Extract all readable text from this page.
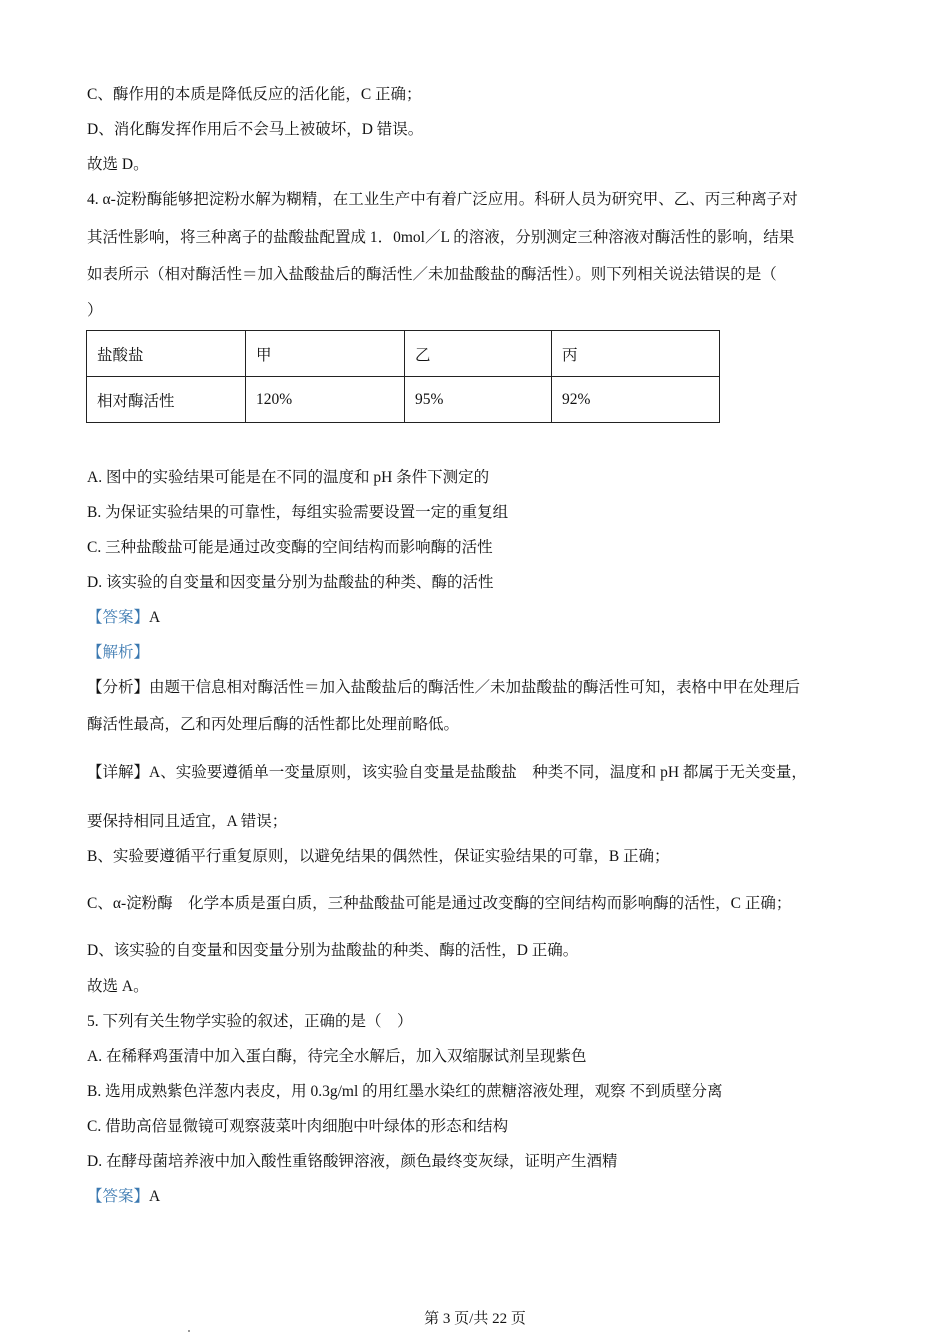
C、酶作用的本质是降低反应的活化能，C 正确；
D、消化酶发挥作用后不会马上被破坏，D 错误。
故选 D。
4. α-淀粉酶能够把淀粉水解为糊精，在工业生产中有着广泛应用。科研人员为研究甲、乙、丙三种离子对
其活性影响，将三种离子的盐酸盐配置成 1．0mol／L 的溶液，分别测定三种溶液对酶活性的影响，结果
如表所示（相对酶活性＝加入盐酸盐后的酶活性／未加盐酸盐的酶活性）。则下列相关说法错误的是（
）
盐酸盐	甲	乙	丙
相对酶活性	120%	95%	92%
A. 图中的实验结果可能是在不同的温度和 pH 条件下测定的
B. 为保证实验结果的可靠性，每组实验需要设置一定的重复组
C. 三种盐酸盐可能是通过改变酶的空间结构而影响酶的活性
D. 该实验的自变量和因变量分别为盐酸盐的种类、酶的活性
【答案】A
【解析】
【分析】由题干信息相对酶活性＝加入盐酸盐后的酶活性／未加盐酸盐的酶活性可知，表格中甲在处理后
酶活性最高，乙和丙处理后酶的活性都比处理前略低。
【详解】A、实验要遵循单一变量原则，该实验自变量是盐酸盐　种类不同，温度和 pH 都属于无关变量，
要保持相同且适宜，A 错误；
B、实验要遵循平行重复原则，以避免结果的偶然性，保证实验结果的可靠，B 正确；
C、α-淀粉酶　化学本质是蛋白质，三种盐酸盐可能是通过改变酶的空间结构而影响酶的活性，C 正确；
D、该实验的自变量和因变量分别为盐酸盐的种类、酶的活性，D 正确。
故选 A。
5. 下列有关生物学实验的叙述，正确的是（　）
A. 在稀释鸡蛋清中加入蛋白酶，待完全水解后，加入双缩脲试剂呈现紫色
B. 选用成熟紫色洋葱内表皮，用 0.3g/ml 的用红墨水染红的蔗糖溶液处理，观察 不到质壁分离
C. 借助高倍显微镜可观察菠菜叶肉细胞中叶绿体的形态和结构
D. 在酵母菌培养液中加入酸性重铬酸钾溶液，颜色最终变灰绿，证明产生酒精
【答案】A
第 3 页/共 22 页
